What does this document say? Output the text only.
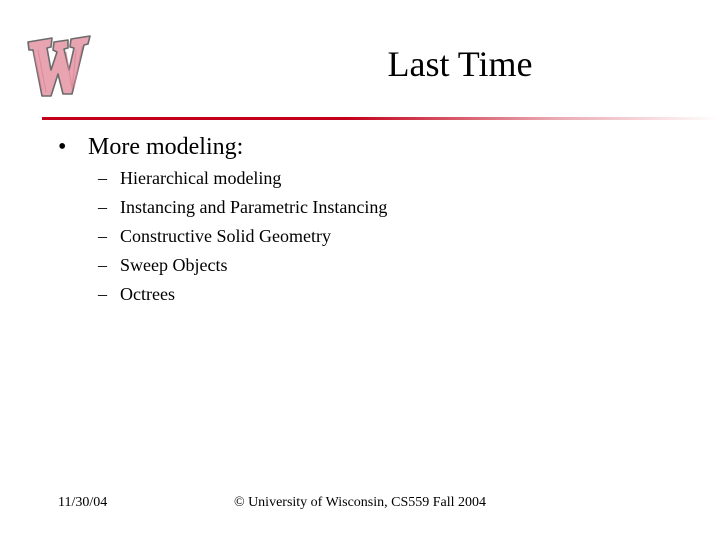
Last Time
• More modeling:
– Hierarchical modeling
– Instancing and Parametric Instancing
– Constructive Solid Geometry
– Sweep Objects
– Octrees
11/30/04	© University of Wisconsin, CS559 Fall 2004
